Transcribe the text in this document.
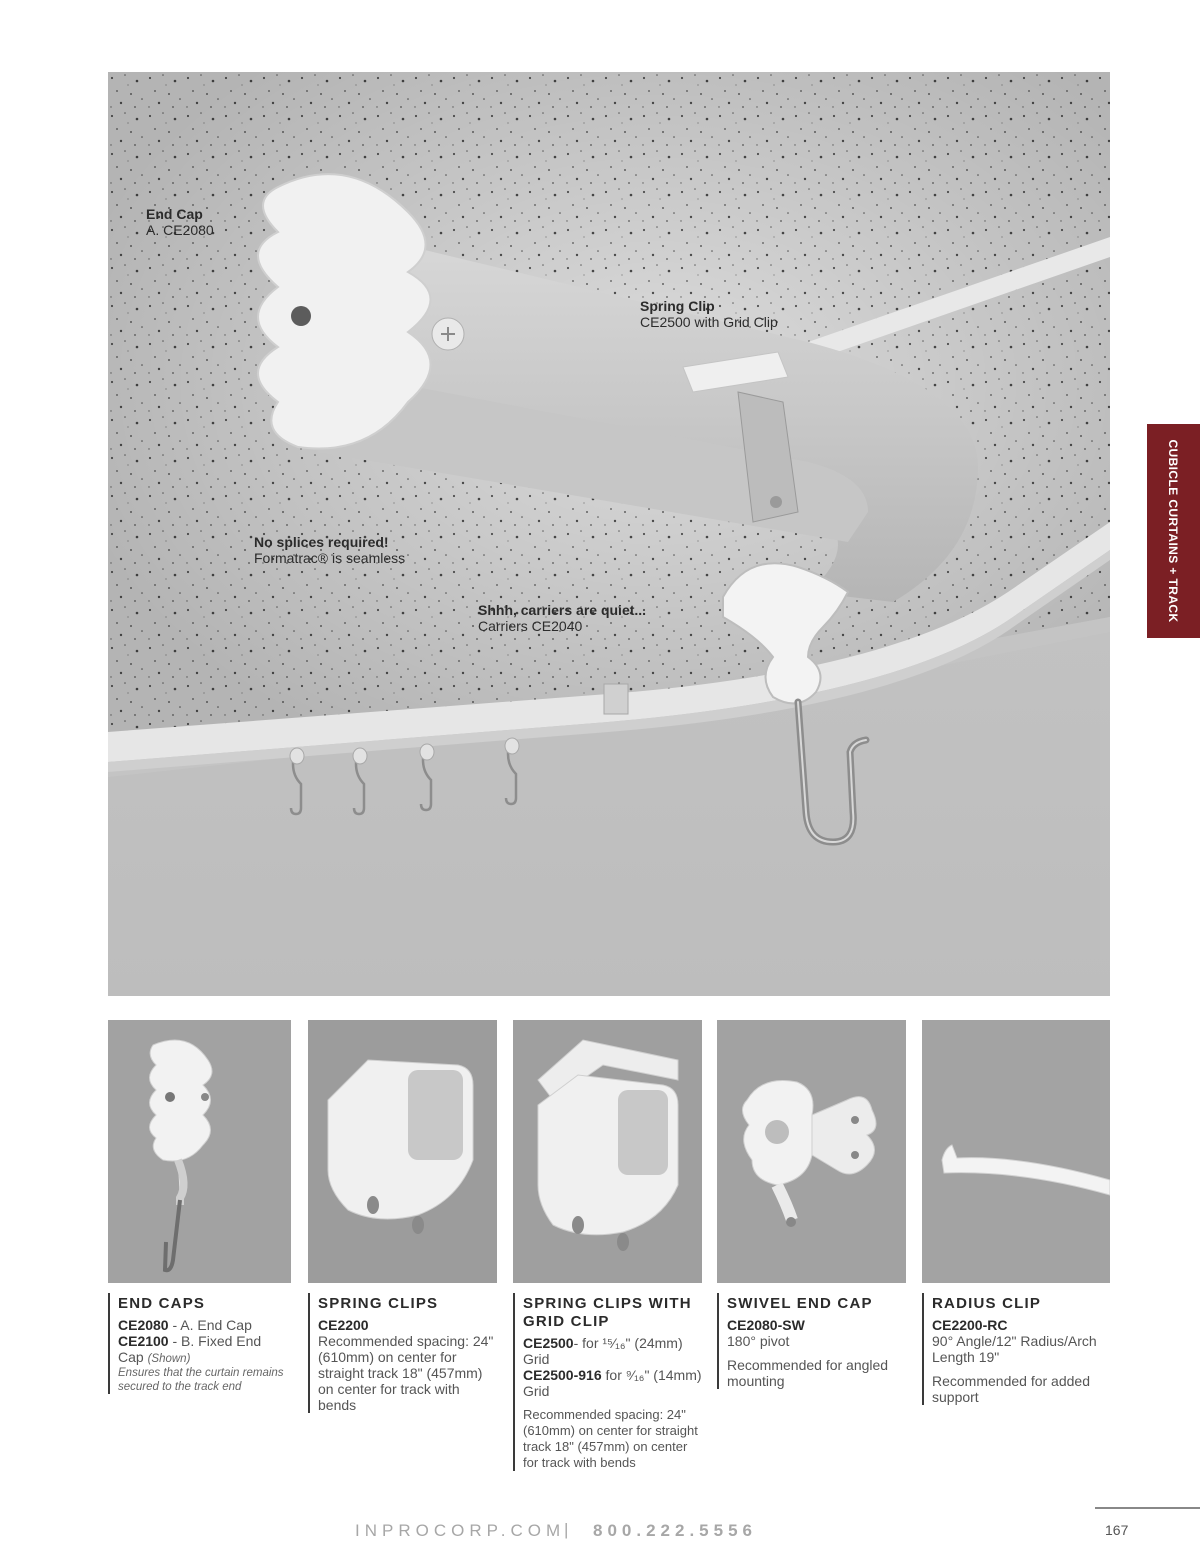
End Cap
A. CE2080
Spring Clip
CE2500 with Grid Clip
No splices required!
Formatrac® is seamless
Shhh, carriers are quiet...
Carriers CE2040
CUBICLE CURTAINS + TRACK
END CAPS
CE2080 - A. End Cap
CE2100 - B. Fixed End
Cap (Shown)
Ensures that the curtain remains secured to the track end
SPRING CLIPS
CE2200
Recommended spacing: 24" (610mm) on center for straight track 18" (457mm) on center for track with bends
SPRING CLIPS WITH GRID CLIP
CE2500- for ¹⁵⁄₁₆" (24mm) Grid
CE2500-916 for ⁹⁄₁₆" (14mm) Grid
Recommended spacing: 24" (610mm) on center for straight track 18" (457mm) on center for track with bends
SWIVEL END CAP
CE2080-SW
180° pivot
Recommended for angled mounting
RADIUS CLIP
CE2200-RC
90° Angle/12" Radius/Arch Length 19"
Recommended for added support
INPROCORP.COM
| 800.222.5556	167
